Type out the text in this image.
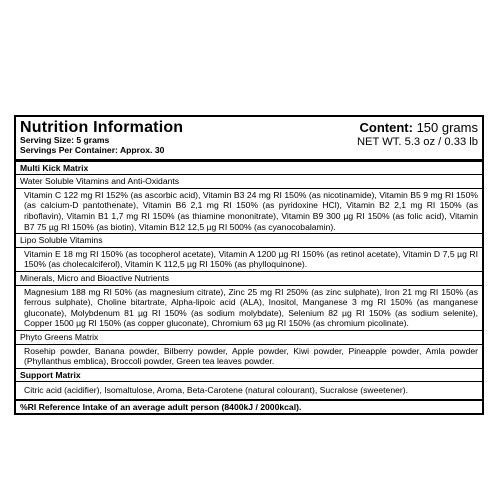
Nutrition Information
Serving Size: 5 grams
Servings Per Container: Approx. 30
Content: 150 grams
NET WT. 5.3 oz / 0.33 lb
Multi Kick Matrix
Water Soluble Vitamins and Anti-Oxidants
Vitamin C 122 mg RI 152% (as ascorbic acid), Vitamin B3 24 mg RI 150% (as nicotinamide), Vitamin B5 9 mg RI 150% (as calcium-D pantothenate), Vitamin B6 2,1 mg RI 150% (as pyridoxine HCl), Vitamin B2 2,1 mg RI 150% (as riboflavin), Vitamin B1 1,7 mg RI 150% (as thiamine mononitrate), Vitamin B9 300 µg RI 150% (as folic acid), Vitamin B7 75 µg RI 150% (as biotin), Vitamin B12 12,5 µg RI 500% (as cyanocobalamin).
Lipo Soluble Vitamins
Vitamin E 18 mg RI 150% (as tocopherol acetate), Vitamin A 1200 µg RI 150% (as retinol acetate), Vitamin D 7,5 µg RI 150% (as cholecalciferol), Vitamin K 112,5 µg RI 150% (as phylloquinone).
Minerals, Micro and Bioactive Nutrients
Magnesium 188 mg RI 50% (as magnesium citrate), Zinc 25 mg RI 250% (as zinc sulphate), Iron 21 mg RI 150% (as ferrous sulphate), Choline bitartrate, Alpha-lipoic acid (ALA), Inositol, Manganese 3 mg RI 150% (as manganese gluconate), Molybdenum 81 µg RI 150% (as sodium molybdate), Selenium 82 µg RI 150% (as sodium selenite), Copper 1500 µg RI 150% (as copper gluconate), Chromium 63 µg RI 150% (as chromium picolinate).
Phyto Greens Matrix
Rosehip powder, Banana powder, Bilberry powder, Apple powder, Kiwi powder, Pineapple powder, Amla powder (Phyllanthus emblica), Broccoli powder, Green tea leaves powder.
Support Matrix
Citric acid (acidifier), Isomaltulose, Aroma, Beta-Carotene (natural colourant), Sucralose (sweetener).
%RI Reference Intake of an average adult person (8400kJ / 2000kcal).
